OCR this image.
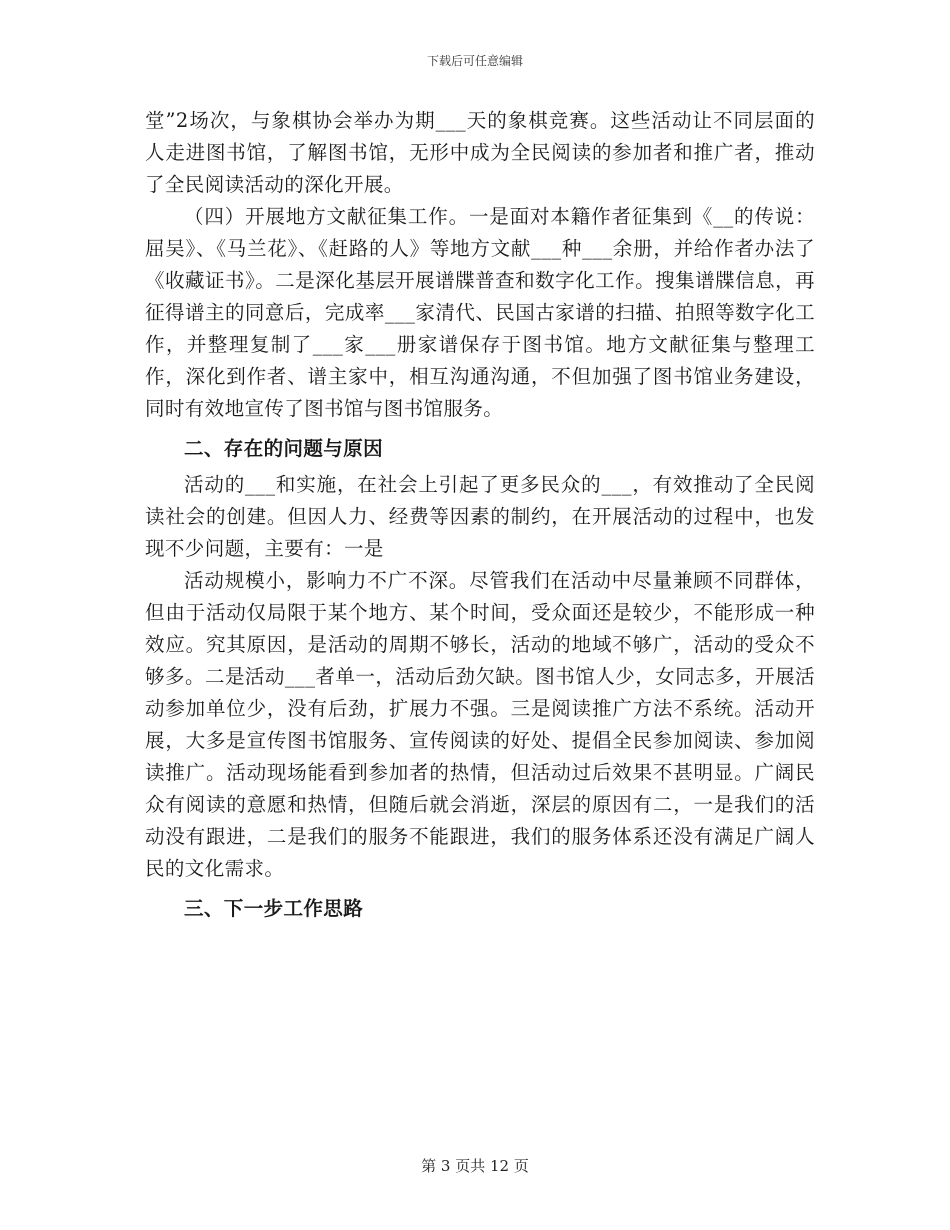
下载后可任意编辑

堂”2场次，与象棋协会举办为期___天的象棋竞赛。这些活动让不同层面的人走进图书馆，了解图书馆，无形中成为全民阅读的参加者和推广者，推动了全民阅读活动的深化开展。

（四）开展地方文献征集工作。一是面对本籍作者征集到《__的传说：屈吴》、《马兰花》、《赶路的人》等地方文献___种___余册，并给作者办法了《收藏证书》。二是深化基层开展谱牒普查和数字化工作。搜集谱牒信息，再征得谱主的同意后，完成率___家清代、民国古家谱的扫描、拍照等数字化工作，并整理复制了___家___册家谱保存于图书馆。地方文献征集与整理工作，深化到作者、谱主家中，相互沟通沟通，不但加强了图书馆业务建设，同时有效地宣传了图书馆与图书馆服务。

二、存在的问题与原因

活动的___和实施，在社会上引起了更多民众的___，有效推动了全民阅读社会的创建。但因人力、经费等因素的制约，在开展活动的过程中，也发现不少问题，主要有：一是

活动规模小，影响力不广不深。尽管我们在活动中尽量兼顾不同群体，但由于活动仅局限于某个地方、某个时间，受众面还是较少，不能形成一种效应。究其原因，是活动的周期不够长，活动的地域不够广，活动的受众不够多。二是活动___者单一，活动后劲欠缺。图书馆人少，女同志多，开展活动参加单位少，没有后劲，扩展力不强。三是阅读推广方法不系统。活动开展，大多是宣传图书馆服务、宣传阅读的好处、提倡全民参加阅读、参加阅读推广。活动现场能看到参加者的热情，但活动过后效果不甚明显。广阔民众有阅读的意愿和热情，但随后就会消逝，深层的原因有二，一是我们的活动没有跟进，二是我们的服务不能跟进，我们的服务体系还没有满足广阔人民的文化需求。

三、下一步工作思路
第 3 页共 12 页
